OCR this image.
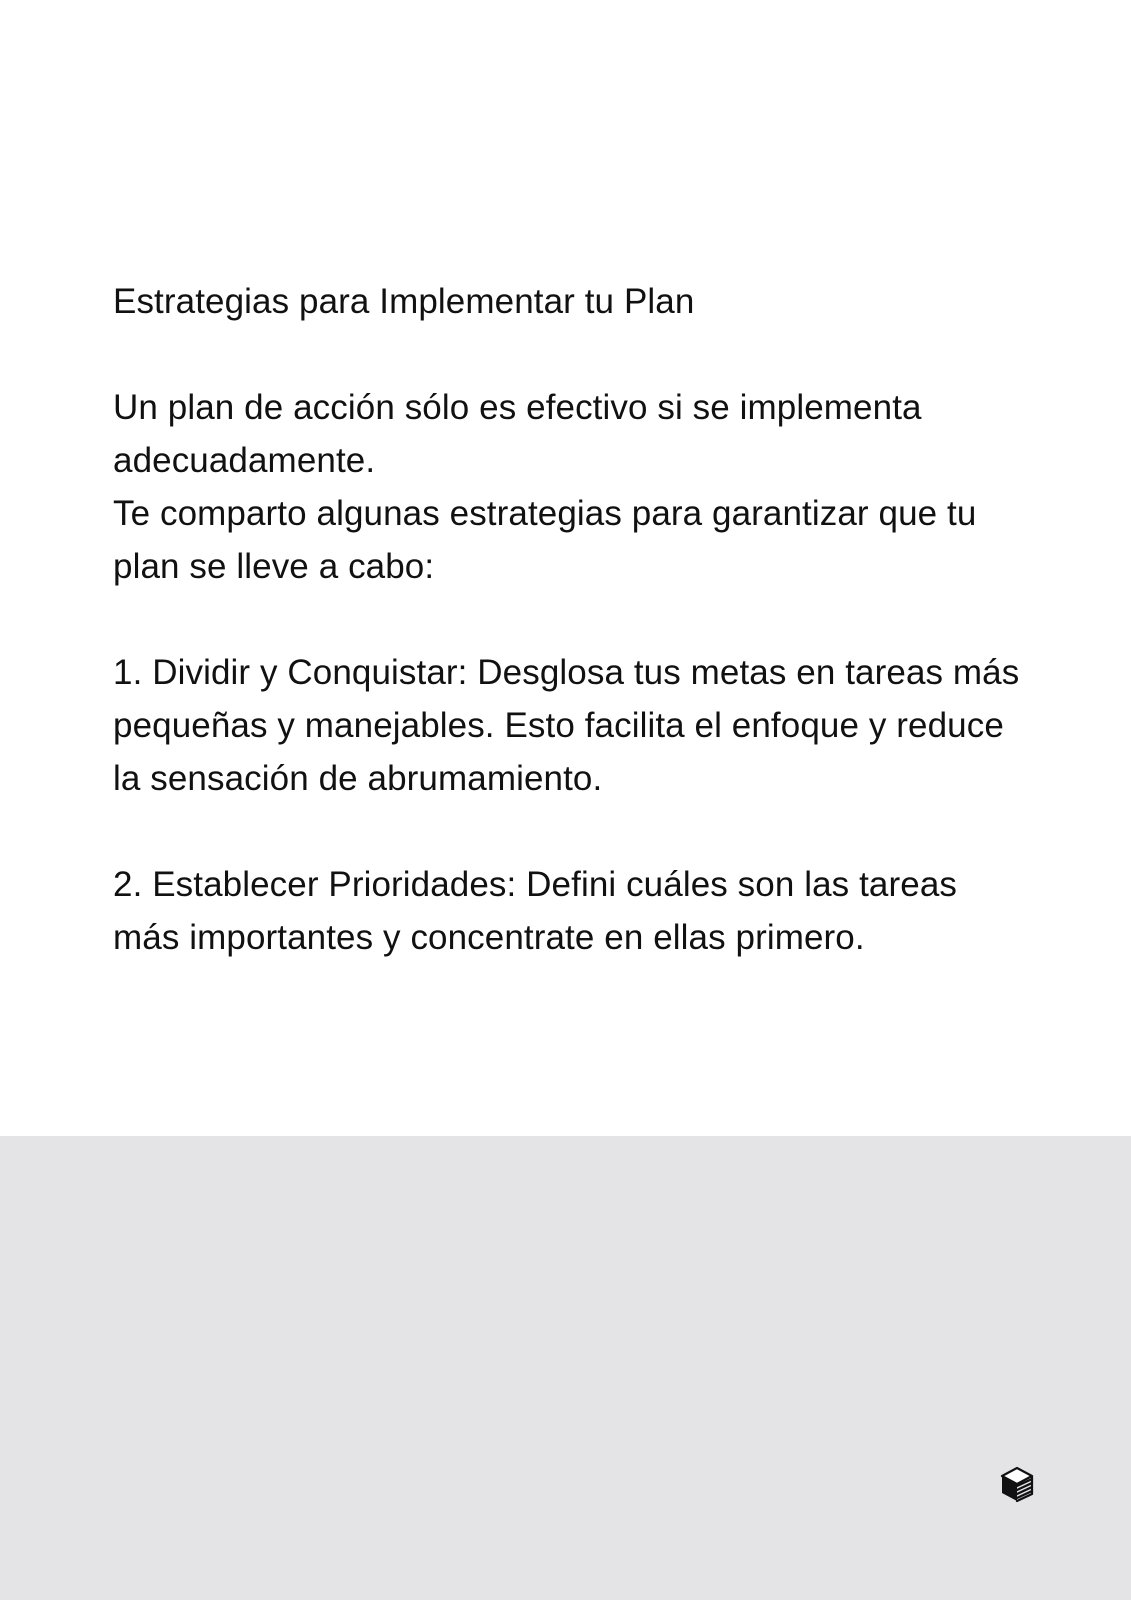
Estrategias para Implementar tu Plan
Un plan de acción sólo es efectivo si se implementa adecuadamente.
Te comparto algunas estrategias para garantizar que tu plan se lleve a cabo:
1. Dividir y Conquistar: Desglosa tus metas en tareas más pequeñas y manejables. Esto facilita el enfoque y reduce la sensación de abrumamiento.
2. Establecer Prioridades: Defini cuáles son las tareas más importantes y concentrate en ellas primero.
